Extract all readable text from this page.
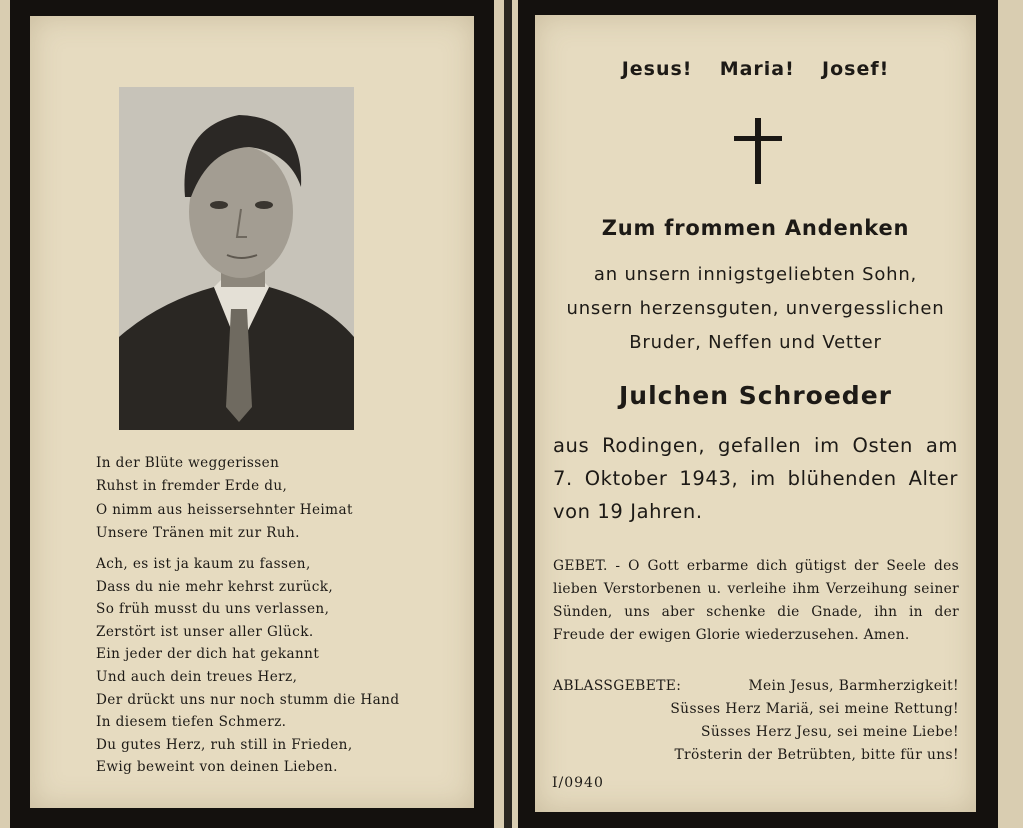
In der Blüte weggerissen
Ruhst in fremder Erde du,
O nimm aus heissersehnter Heimat
Unsere Tränen mit zur Ruh.
Ach, es ist ja kaum zu fassen,
Dass du nie mehr kehrst zurück,
So früh musst du uns verlassen,
Zerstört ist unser aller Glück.
Ein jeder der dich hat gekannt
Und auch dein treues Herz,
Der drückt uns nur noch stumm die Hand
In diesem tiefen Schmerz.
Du gutes Herz, ruh still in Frieden,
Ewig beweint von deinen Lieben.
Jesus!  Maria!  Josef!
Zum frommen Andenken
an unsern innigstgeliebten Sohn,
unsern herzensguten, unvergesslichen
Bruder, Neffen und Vetter
Julchen Schroeder
aus Rodingen, gefallen im Osten am
7. Oktober 1943, im blühenden Alter
von 19 Jahren.
GEBET. - O Gott erbarme dich gütigst der Seele des
lieben Verstorbenen u. verleihe ihm Verzeihung seiner
Sünden, uns aber schenke die Gnade, ihn in der
Freude der ewigen Glorie wiederzusehen. Amen.
ABLASSGEBETE:	Mein Jesus, Barmherzigkeit!
Süsses Herz Mariä, sei meine Rettung!
Süsses Herz Jesu, sei meine Liebe!
Trösterin der Betrübten, bitte für uns!
I/0940
